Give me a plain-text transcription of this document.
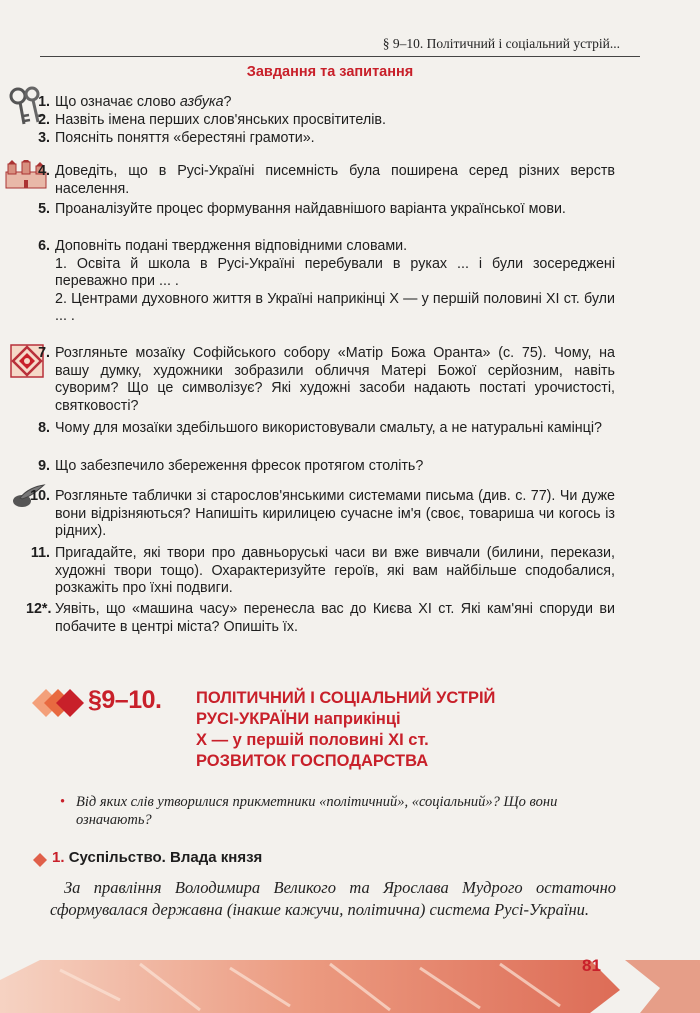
§ 9–10. Політичний і соціальний устрій...
Завдання та запитання
1. Що означає слово азбука?
2. Назвіть імена перших слов'янських просвітителів.
3. Поясніть поняття «берестяні грамоти».
4. Доведіть, що в Русі-Україні писемність була поширена серед різних верств населення.
5. Проаналізуйте процес формування найдавнішого варіанта української мови.
6. Доповніть подані твердження відповідними словами.
1. Освіта й школа в Русі-Україні перебували в руках ... і були зосереджені переважно при ... .
2. Центрами духовного життя в Україні наприкінці X — у першій половині XI ст. були ... .
7. Розгляньте мозаїку Софійського собору «Матір Божа Оранта» (с. 75). Чому, на вашу думку, художники зобразили обличчя Матері Божої серйозним, навіть суворим? Що це символізує? Які художні засоби надають постаті урочистості, святковості?
8. Чому для мозаїки здебільшого використовували смальту, а не натуральні камінці?
9. Що забезпечило збереження фресок протягом століть?
10. Розгляньте таблички зі старослов'янськими системами письма (див. с. 77). Чи дуже вони відрізняються? Напишіть кирилицею сучасне ім'я (своє, товариша чи когось із рідних).
11. Пригадайте, які твори про давньоруські часи ви вже вивчали (билини, перекази, художні твори тощо). Охарактеризуйте героїв, які вам найбільше сподобалися, розкажіть про їхні подвиги.
12*. Уявіть, що «машина часу» перенесла вас до Києва XI ст. Які кам'яні споруди ви побачите в центрі міста? Опишіть їх.
§9–10. ПОЛІТИЧНИЙ І СОЦІАЛЬНИЙ УСТРІЙ
РУСІ-УКРАЇНИ наприкінці
X — у першій половині XI ст.
РОЗВИТОК ГОСПОДАРСТВА
• Від яких слів утворилися прикметники «політичний», «соціальний»? Що вони означають?
1. Суспільство. Влада князя
За правління Володимира Великого та Ярослава Мудрого остаточно сформувалася державна (інакше кажучи, політична) система Русі-України.
81
